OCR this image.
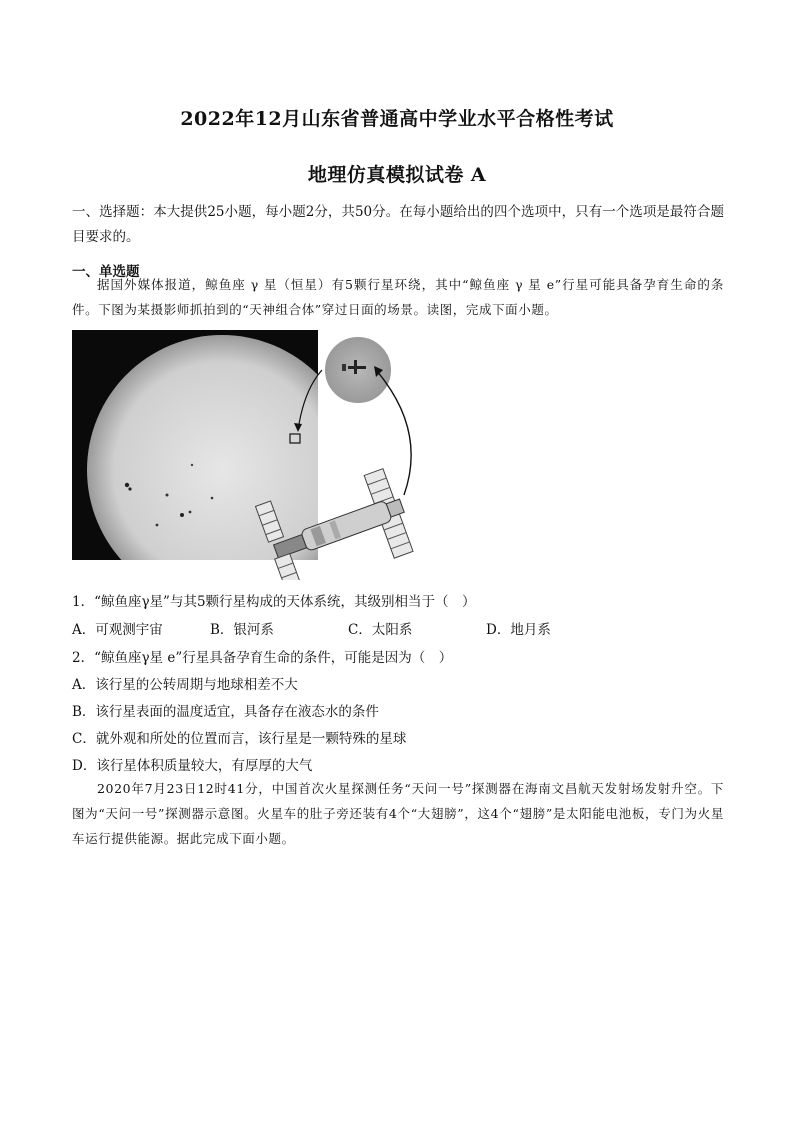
2022年12月山东省普通高中学业水平合格性考试
地理仿真模拟试卷 A
一、选择题：本大提供25小题，每小题2分，共50分。在每小题给出的四个选项中，只有一个选项是最符合题目要求的。
一、单选题
据国外媒体报道，鲸鱼座 γ 星（恒星）有5颗行星环绕，其中“鲸鱼座 γ 星 e”行星可能具备孕育生命的条件。下图为某摄影师抓拍到的“天神组合体”穿过日面的场景。读图，完成下面小题。
1．“鲸鱼座γ星”与其5颗行星构成的天体系统，其级别相当于（　）
A．可观测宇宙	B．银河系	C．太阳系	D．地月系
2．“鲸鱼座γ星 e”行星具备孕育生命的条件，可能是因为（　）
A．该行星的公转周期与地球相差不大
B．该行星表面的温度适宜，具备存在液态水的条件
C．就外观和所处的位置而言，该行星是一颗特殊的星球
D．该行星体积质量较大，有厚厚的大气
2020年7月23日12时41分，中国首次火星探测任务“天问一号”探测器在海南文昌航天发射场发射升空。下图为“天问一号”探测器示意图。火星车的肚子旁还装有4个“大翅膀”，这4个“翅膀”是太阳能电池板，专门为火星车运行提供能源。据此完成下面小题。
